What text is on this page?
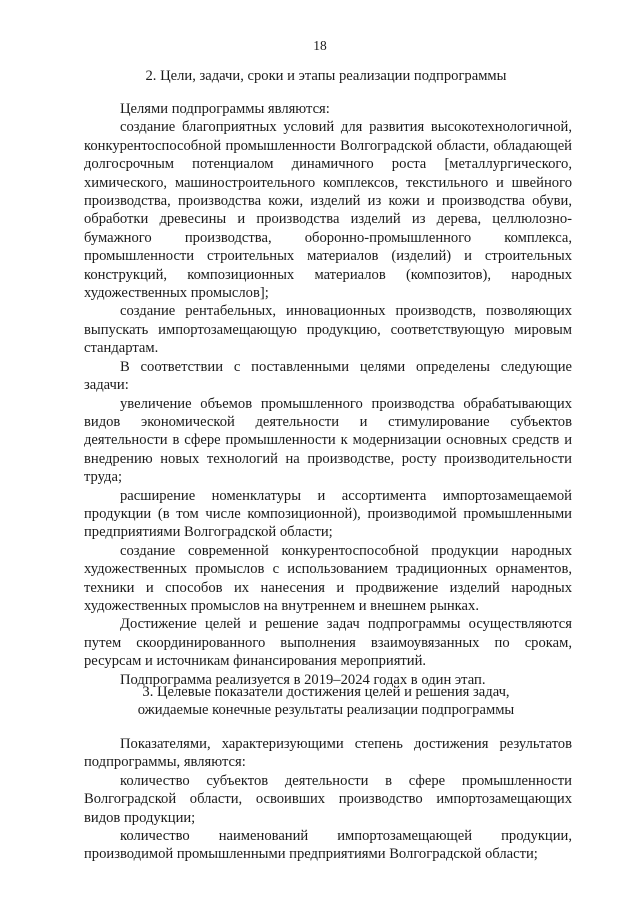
18
2. Цели, задачи, сроки и этапы реализации подпрограммы

Целями подпрограммы являются:

создание благоприятных условий для развития высокотехнологичной, конкурентоспособной промышленности Волгоградской области, обладающей долгосрочным потенциалом динамичного роста [металлургического, химического, машиностроительного комплексов, текстильного и швейного производства, производства кожи, изделий из кожи и производства обуви, обработки древесины и производства изделий из дерева, целлюлозно-бумажного производства, оборонно-промышленного комплекса, промышленности строительных материалов (изделий) и строительных конструкций, композиционных материалов (композитов), народных художественных промыслов];

создание рентабельных, инновационных производств, позволяющих выпускать импортозамещающую продукцию, соответствующую мировым стандартам.

В соответствии с поставленными целями определены следующие задачи:

увеличение объемов промышленного производства обрабатывающих видов экономической деятельности и стимулирование субъектов деятельности в сфере промышленности к модернизации основных средств и внедрению новых технологий на производстве, росту производительности труда;

расширение номенклатуры и ассортимента импортозамещаемой продукции (в том числе композиционной), производимой промышленными предприятиями Волгоградской области;

создание современной конкурентоспособной продукции народных художественных промыслов с использованием традиционных орнаментов, техники и способов их нанесения и продвижение изделий народных художественных промыслов на внутреннем и внешнем рынках.

Достижение целей и решение задач подпрограммы осуществляются путем скоординированного выполнения взаимоувязанных по срокам, ресурсам и источникам финансирования мероприятий.

Подпрограмма реализуется в 2019–2024 годах в один этап.

3. Целевые показатели достижения целей и решения задач,
ожидаемые конечные результаты реализации подпрограммы

Показателями, характеризующими степень достижения результатов подпрограммы, являются:

количество субъектов деятельности в сфере промышленности Волгоградской области, освоивших производство импортозамещающих видов продукции;

количество наименований импортозамещающей продукции, производимой промышленными предприятиями Волгоградской области;
